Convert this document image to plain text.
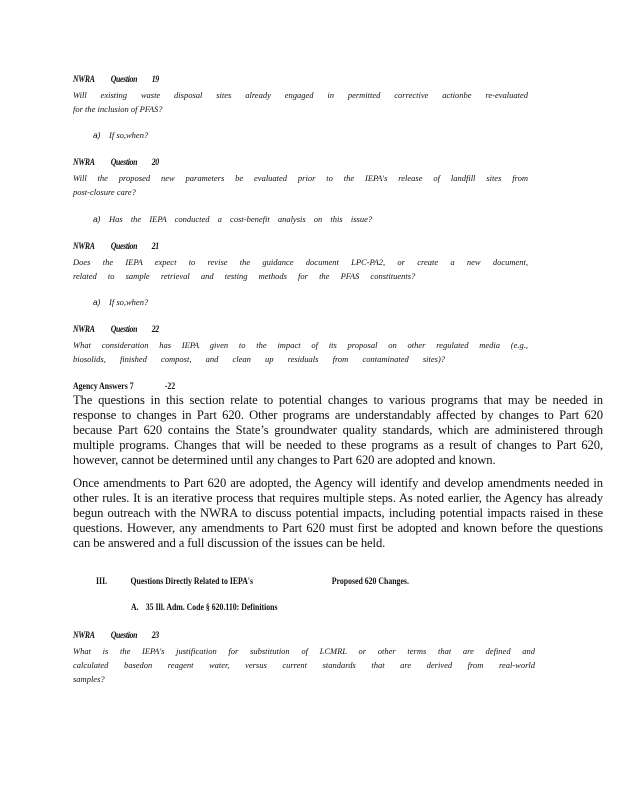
NWRA Question 19
Will existing waste disposal sites already engaged in permitted corrective actionbe re-evaluated
for the inclusion of PFAS?
a) If so,when?
NWRA Question 20
Will the proposed new parameters be evaluated prior to the IEPA's release of landfill sites from
post-closure care?
a) Has the IEPA conducted a cost-benefit analysis on this issue?
NWRA Question 21
Does the IEPA expect to revise the guidance document LPC-PA2, or create a new document,
related to sample retrieval and testing methods for the PFAS constituents?
a) If so,when?
NWRA Question 22
What consideration has IEPA given to the impact of its proposal on other regulated media (e.g.,
biosolids, finished compost, and clean up residuals from contaminated sites)?
Agency Answers 7	-22
The questions in this section relate to potential changes to various programs that may be needed in response to changes in Part 620. Other programs are understandably affected by changes to Part 620 because Part 620 contains the State’s groundwater quality standards, which are administered through multiple programs. Changes that will be needed to these programs as a result of changes to Part 620, however, cannot be determined until any changes to Part 620 are adopted and known.
Once amendments to Part 620 are adopted, the Agency will identify and develop amendments needed in other rules. It is an iterative process that requires multiple steps. As noted earlier, the Agency has already begun outreach with the NWRA to discuss potential impacts, including potential impacts raised in these questions. However, any amendments to Part 620 must first be adopted and known before the questions can be answered and a full discussion of the issues can be held.
III. Questions Directly Related to IEPA's	Proposed 620 Changes.
A. 35 Ill. Adm. Code § 620.110: Definitions
NWRA Question 23
What is the IEPA's justification for substitution of LCMRL or other terms that are defined and
calculated basedon reagent water, versus current standards that are derived from real-world
samples?
